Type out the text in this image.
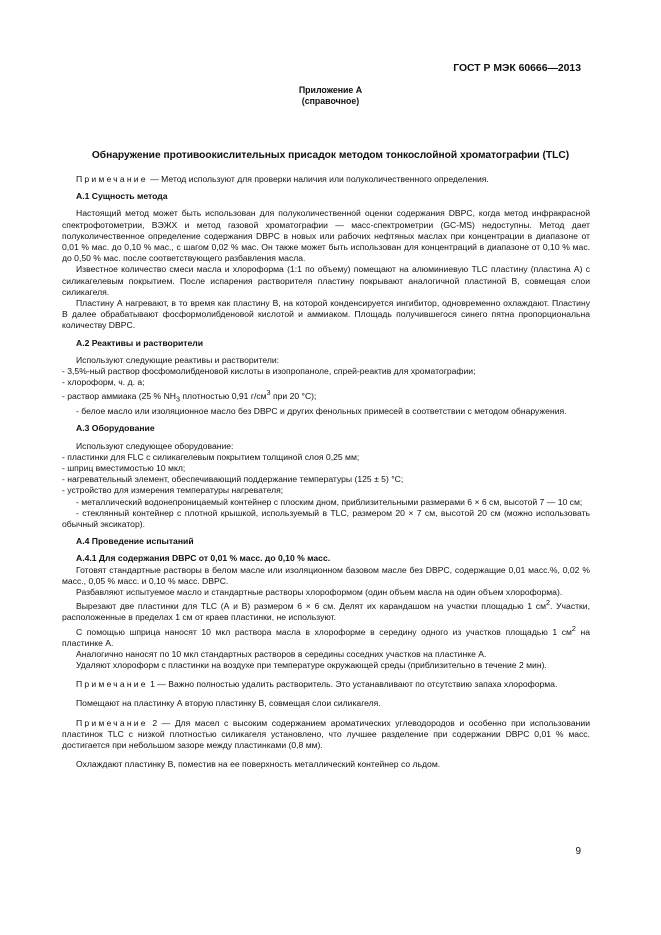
ГОСТ Р МЭК 60666—2013
Приложение А
(справочное)
Обнаружение противоокислительных присадок методом тонкослойной хроматографии (TLC)

Примечание — Метод используют для проверки наличия или полуколичественного определения.

А.1 Сущность метода

Настоящий метод может быть использован для полуколичественной оценки содержания DBPC, когда метод инфракрасной спектрофотометрии, ВЭЖХ и метод газовой хроматографии — масс-спектрометрии (GC-MS) недоступны. Метод дает полуколичественное определение содержания DBPC в новых или рабочих нефтяных маслах при концентрации в диапазоне от 0,01 % мас. до 0,10 % мас., с шагом 0,02 % мас. Он также может быть использован для концентраций в диапазоне от 0,10 % мас. до 0,50 % мас. после соответствующего разбавления масла.

Известное количество смеси масла и хлороформа (1:1 по объему) помещают на алюминиевую TLC пластину (пластина А) с силикагелевым покрытием. После испарения растворителя пластину покрывают аналогичной пластиной B, совмещая слои силикагеля.

Пластину А нагревают, в то время как пластину В, на которой конденсируется ингибитор, одновременно охлаждают. Пластину В далее обрабатывают фосформолибденовой кислотой и аммиаком. Площадь получившегося синего пятна пропорциональна количеству DBPC.

А.2 Реактивы и растворители

Используют следующие реактивы и растворители:

- 3,5%-ный раствор фосфомолибденовой кислоты в изопропаноле, спрей-реактив для хроматографии;

- хлороформ, ч. д. а;

- раствор аммиака (25 % $NH_3$ плотностью 0,91 $г/см^3$ при 20 °С);

- белое масло или изоляционное масло без DBPC и других фенольных примесей в соответствии с методом обнаружения.

А.3 Оборудование

Используют следующее оборудование:

- пластинки для FLC с силикагелевым покрытием толщиной слоя 0,25 мм;

- шприц вместимостью 10 мкл;

- нагревательный элемент, обеспечивающий поддержание температуры (125 ± 5) °С;

- устройство для измерения температуры нагревателя;

- металлический водонепроницаемый контейнер с плоским дном, приблизительными размерами 6 × 6 см, высотой 7 — 10 см;

- стеклянный контейнер с плотной крышкой, используемый в TLC, размером 20 × 7 см, высотой 20 см (можно использовать обычный эксикатор).

А.4 Проведение испытаний

А.4.1 Для содержания DBPC от 0,01 % масс. до 0,10 % масс.

Готовят стандартные растворы в белом масле или изоляционном базовом масле без DBPC, содержащие 0,01 масс.%, 0,02 % масс., 0,05 % масс. и 0,10 % масс. DBPC.

Разбавляют испытуемое масло и стандартные растворы хлороформом (один объем масла на один объем хлороформа).

Вырезают две пластинки для TLC (А и В) размером 6 × 6 см. Делят их карандашом на участки площадью 1 $см^2$. Участки, расположенные в пределах 1 см от краев пластинки, не используют.

С помощью шприца наносят 10 мкл раствора масла в хлороформе в середину одного из участков площадью 1 $см^2$ на пластинке А.

Аналогично наносят по 10 мкл стандартных растворов в середины соседних участков на пластинке А.

Удаляют хлороформ с пластинки на воздухе при температуре окружающей среды (приблизительно в течение 2 мин).

Примечание 1 — Важно полностью удалить растворитель. Это устанавливают по отсутствию запаха хлороформа.

Помещают на пластинку А вторую пластинку В, совмещая слои силикагеля.

Примечание 2 — Для масел с высоким содержанием ароматических углеводородов и особенно при использовании пластинок TLC с низкой плотностью силикагеля установлено, что лучшее разделение при содержании DBPC 0,01 % масс. достигается при небольшом зазоре между пластинками (0,8 мм).

Охлаждают пластинку В, поместив на ее поверхность металлический контейнер со льдом.

9
